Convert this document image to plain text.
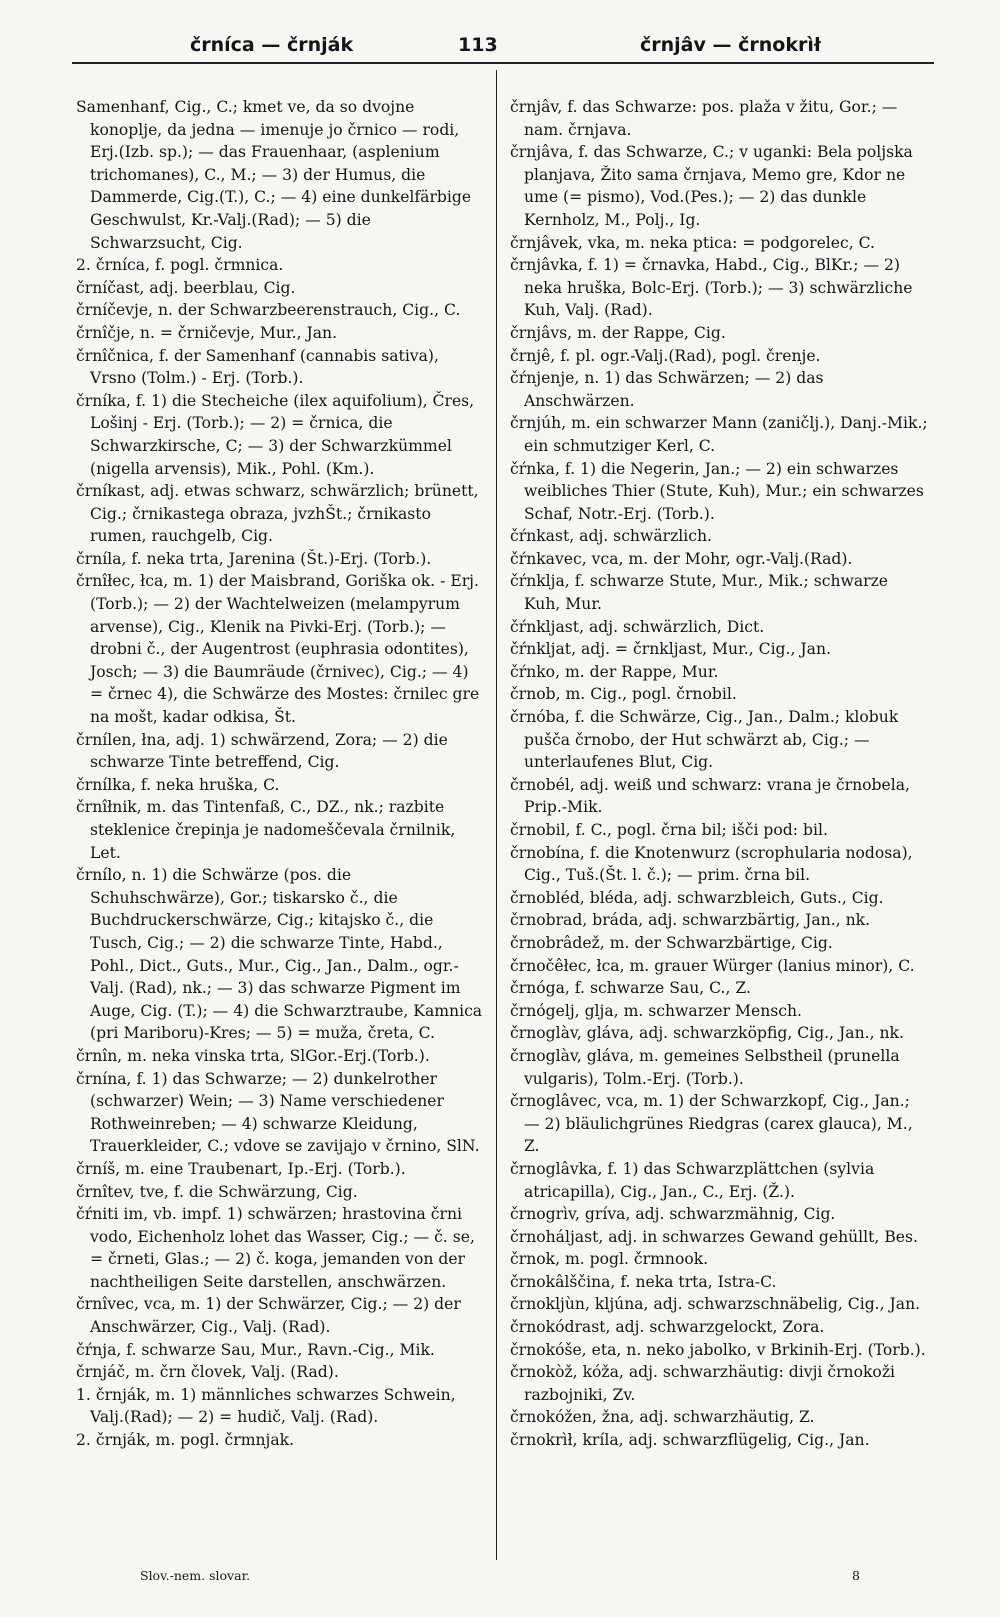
črníca — črnják	113	črnjâv — črnokrìł
Samenhanf, Cig., C.; kmet ve, da so dvojne konoplje, da jedna — imenuje jo črnico — rodi, Erj.(Izb. sp.); — das Frauenhaar, (asplenium trichomanes), C., M.; — 3) der Humus, die Dammerde, Cig.(T.), C.; — 4) eine dunkelfärbige Geschwulst, Kr.-Valj.(Rad); — 5) die Schwarzsucht, Cig.
2. črníca, f. pogl. črmnica.
črníčast, adj. beerblau, Cig.
črníčevje, n. der Schwarzbeerenstrauch, Cig., C.
črnîčje, n. = črničevje, Mur., Jan.
črnîčnica, f. der Samenhanf (cannabis sativa), Vrsno (Tolm.) - Erj. (Torb.).
črníka, f. 1) die Stecheiche (ilex aquifolium), Čres, Lošinj - Erj. (Torb.); — 2) = črnica, die Schwarzkirsche, C; — 3) der Schwarzkümmel (nigella arvensis), Mik., Pohl. (Km.).
črníkast, adj. etwas schwarz, schwärzlich; brünett, Cig.; črnikastega obraza, jvzhŠt.; črnikasto rumen, rauchgelb, Cig.
črníla, f. neka trta, Jarenina (Št.)-Erj. (Torb.).
črnîłec, łca, m. 1) der Maisbrand, Goriška ok. - Erj. (Torb.); — 2) der Wachtelweizen (melampyrum arvense), Cig., Klenik na Pivki-Erj. (Torb.); — drobni č., der Augentrost (euphrasia odontites), Josch; — 3) die Baumräude (črnivec), Cig.; — 4) = črnec 4), die Schwärze des Mostes: črnilec gre na mošt, kadar odkisa, Št.
črnílen, łna, adj. 1) schwärzend, Zora; — 2) die schwarze Tinte betreffend, Cig.
črnílka, f. neka hruška, C.
črnîłnik, m. das Tintenfaß, C., DZ., nk.; razbite steklenice črepinja je nadomeščevala črnilnik, Let.
črnílo, n. 1) die Schwärze (pos. die Schuhschwärze), Gor.; tiskarsko č., die Buchdruckerschwärze, Cig.; kitajsko č., die Tusch, Cig.; — 2) die schwarze Tinte, Habd., Pohl., Dict., Guts., Mur., Cig., Jan., Dalm., ogr.-Valj. (Rad), nk.; — 3) das schwarze Pigment im Auge, Cig. (T.); — 4) die Schwarztraube, Kamnica (pri Mariboru)-Kres; — 5) = muža, čreta, C.
črnîn, m. neka vinska trta, SlGor.-Erj.(Torb.).
črnína, f. 1) das Schwarze; — 2) dunkelrother (schwarzer) Wein; — 3) Name verschiedener Rothweinreben; — 4) schwarze Kleidung, Trauerkleider, C.; vdove se zavijajo v črnino, SlN.
črníš, m. eine Traubenart, Ip.-Erj. (Torb.).
črnîtev, tve, f. die Schwärzung, Cig.
čŕniti im, vb. impf. 1) schwärzen; hrastovina črni vodo, Eichenholz lohet das Wasser, Cig.; — č. se, = črneti, Glas.; — 2) č. koga, jemanden von der nachtheiligen Seite darstellen, anschwärzen.
črnîvec, vca, m. 1) der Schwärzer, Cig.; — 2) der Anschwärzer, Cig., Valj. (Rad).
čŕnja, f. schwarze Sau, Mur., Ravn.-Cig., Mik.
črnjáč, m. črn človek, Valj. (Rad).
1. črnják, m. 1) männliches schwarzes Schwein, Valj.(Rad); — 2) = hudič, Valj. (Rad).
2. črnják, m. pogl. črmnjak.
črnjâv, f. das Schwarze: pos. plaža v žitu, Gor.; — nam. črnjava.
črnjâva, f. das Schwarze, C.; v uganki: Bela poljska planjava, Žito sama črnjava, Memo gre, Kdor ne ume (= pismo), Vod.(Pes.); — 2) das dunkle Kernholz, M., Polj., Ig.
črnjâvek, vka, m. neka ptica: = podgorelec, C.
črnjâvka, f. 1) = črnavka, Habd., Cig., BlKr.; — 2) neka hruška, Bolc-Erj. (Torb.); — 3) schwärzliche Kuh, Valj. (Rad).
črnjâvs, m. der Rappe, Cig.
črnjê, f. pl. ogr.-Valj.(Rad), pogl. črenje.
čŕnjenje, n. 1) das Schwärzen; — 2) das Anschwärzen.
črnjúh, m. ein schwarzer Mann (zaničlj.), Danj.-Mik.; ein schmutziger Kerl, C.
čŕnka, f. 1) die Negerin, Jan.; — 2) ein schwarzes weibliches Thier (Stute, Kuh), Mur.; ein schwarzes Schaf, Notr.-Erj. (Torb.).
čŕnkast, adj. schwärzlich.
čŕnkavec, vca, m. der Mohr, ogr.-Valj.(Rad).
čŕnklja, f. schwarze Stute, Mur., Mik.; schwarze Kuh, Mur.
čŕnkljast, adj. schwärzlich, Dict.
čŕnkljat, adj. = črnkljast, Mur., Cig., Jan.
čŕnko, m. der Rappe, Mur.
črnob, m. Cig., pogl. črnobil.
črnóba, f. die Schwärze, Cig., Jan., Dalm.; klobuk pušča črnobo, der Hut schwärzt ab, Cig.; — unterlaufenes Blut, Cig.
črnobél, adj. weiß und schwarz: vrana je črnobela, Prip.-Mik.
črnobil, f. C., pogl. črna bil; išči pod: bil.
črnobína, f. die Knotenwurz (scrophularia nodosa), Cig., Tuš.(Št. l. č.); — prim. črna bil.
črnobléd, bléda, adj. schwarzbleich, Guts., Cig.
črnobrad, bráda, adj. schwarzbärtig, Jan., nk.
črnobrâdež, m. der Schwarzbärtige, Cig.
črnočêłec, łca, m. grauer Würger (lanius minor), C.
črnóga, f. schwarze Sau, C., Z.
črnógelj, glja, m. schwarzer Mensch.
črnoglàv, gláva, adj. schwarzköpfig, Cig., Jan., nk.
črnoglàv, gláva, m. gemeines Selbstheil (prunella vulgaris), Tolm.-Erj. (Torb.).
črnoglâvec, vca, m. 1) der Schwarzkopf, Cig., Jan.; — 2) bläulichgrünes Riedgras (carex glauca), M., Z.
črnoglâvka, f. 1) das Schwarzplättchen (sylvia atricapilla), Cig., Jan., C., Erj. (Ž.).
črnogrìv, gríva, adj. schwarzmähnig, Cig.
črnoháljast, adj. in schwarzes Gewand gehüllt, Bes.
črnok, m. pogl. črmnook.
črnokâlščina, f. neka trta, Istra-C.
črnokljùn, kljúna, adj. schwarzschnäbelig, Cig., Jan.
črnokódrast, adj. schwarzgelockt, Zora.
črnokóše, eta, n. neko jabolko, v Brkinih-Erj. (Torb.).
črnokòž, kóža, adj. schwarzhäutig: divji črnokoži razbojniki, Zv.
črnokóžen, žna, adj. schwarzhäutig, Z.
črnokrìł, kríla, adj. schwarzflügelig, Cig., Jan.
Slov.-nem. slovar.	8
